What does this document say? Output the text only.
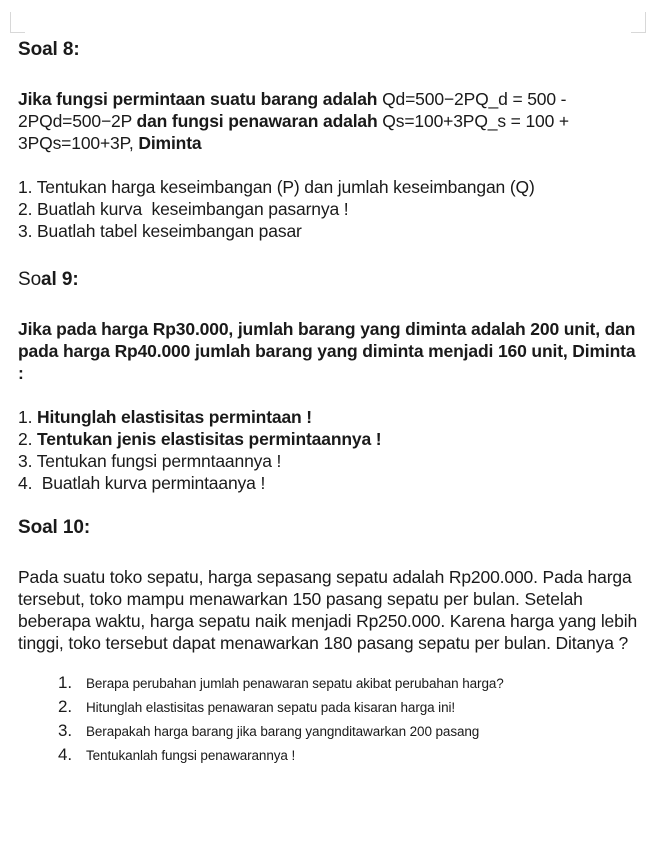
Soal 8:

Jika fungsi permintaan suatu barang adalah Qd=500−2PQ_d = 500 - 2PQd=500−2P dan fungsi penawaran adalah Qs=100+3PQ_s = 100 + 3PQs=100+3P, Diminta

1. Tentukan harga keseimbangan (P) dan jumlah keseimbangan (Q)
2. Buatlah kurva  keseimbangan pasarnya !
3. Buatlah tabel keseimbangan pasar
Soal 9:

Jika pada harga Rp30.000, jumlah barang yang diminta adalah 200 unit, dan pada harga Rp40.000 jumlah barang yang diminta menjadi 160 unit, Diminta :

1. Hitunglah elastisitas permintaan !
2. Tentukan jenis elastisitas permintaannya !
3. Tentukan fungsi permntaannya !
4.  Buatlah kurva permintaanya !
Soal 10:

Pada suatu toko sepatu, harga sepasang sepatu adalah Rp200.000. Pada harga tersebut, toko mampu menawarkan 150 pasang sepatu per bulan. Setelah beberapa waktu, harga sepatu naik menjadi Rp250.000. Karena harga yang lebih tinggi, toko tersebut dapat menawarkan 180 pasang sepatu per bulan. Ditanya ?

1.	Berapa perubahan jumlah penawaran sepatu akibat perubahan harga?
2.	Hitunglah elastisitas penawaran sepatu pada kisaran harga ini!
3.	Berapakah harga barang jika barang yangnditawarkan 200 pasang
4.	Tentukanlah fungsi penawarannya !
